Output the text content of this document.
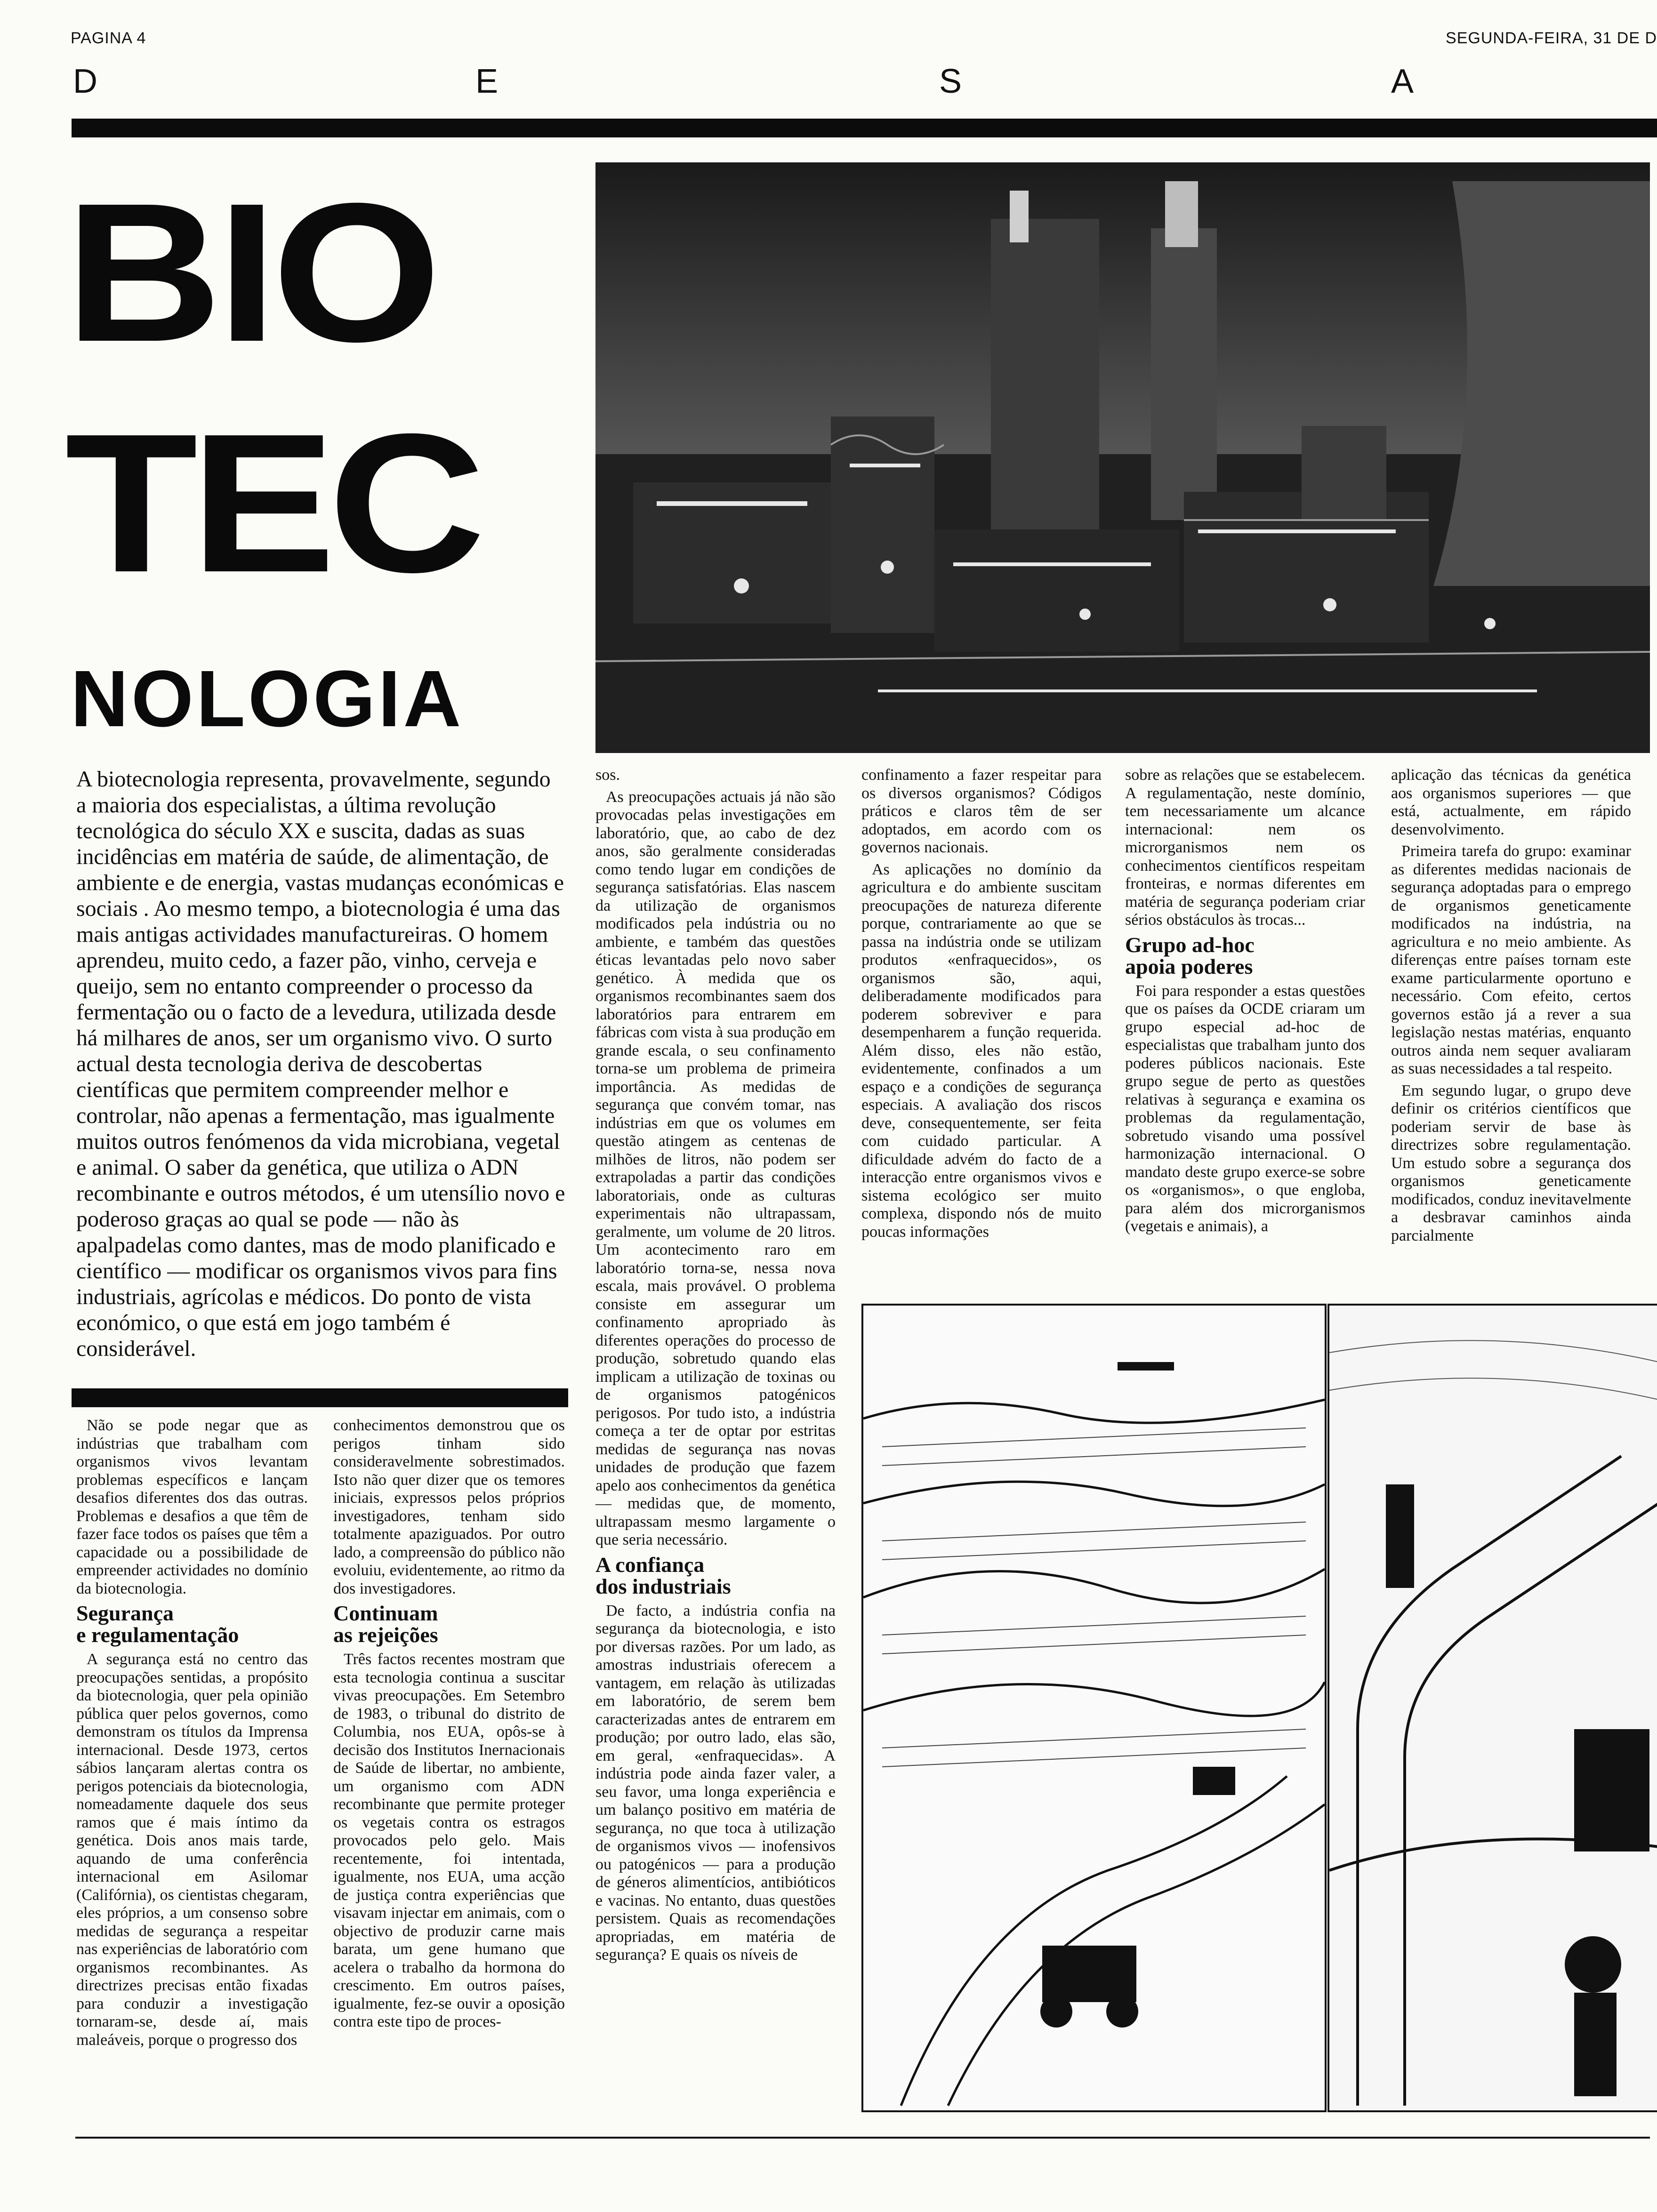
PAGINA 4	SEGUNDA-FEIRA, 31 DE D
D	E	S	A
BIO
TEC
NOLOGIA
A biotecnologia representa, provavelmente, segundo a maioria dos especialistas, a última revolução tecnológica do século XX e suscita, dadas as suas incidências em matéria de saúde, de alimentação, de ambiente e de energia, vastas mudanças económicas e sociais . Ao mesmo tempo, a biotecnologia é uma das mais antigas actividades manufactureiras. O homem aprendeu, muito cedo, a fazer pão, vinho, cerveja e queijo, sem no entanto compreender o processo da fermentação ou o facto de a levedura, utilizada desde há milhares de anos, ser um organismo vivo. O surto actual desta tecnologia deriva de descobertas científicas que permitem compreender melhor e controlar, não apenas a fermentação, mas igualmente muitos outros fenómenos da vida microbiana, vegetal e animal. O saber da genética, que utiliza o ADN recombinante e outros métodos, é um utensílio novo e poderoso graças ao qual se pode — não às apalpadelas como dantes, mas de modo planificado e científico — modificar os organismos vivos para fins industriais, agrícolas e médicos. Do ponto de vista económico, o que está em jogo também é considerável.

Não se pode negar que as indústrias que trabalham com organismos vivos levantam problemas específicos e lançam desafios diferentes dos das outras. Problemas e desafios a que têm de fazer face todos os países que têm a capacidade ou a possibilidade de empreender actividades no domínio da biotecnologia.

Segurança
e regulamentação

A segurança está no centro das preocupações sentidas, a propósito da biotecnologia, quer pela opinião pública quer pelos governos, como demonstram os títulos da Imprensa internacional. Desde 1973, certos sábios lançaram alertas contra os perigos potenciais da biotecnologia, nomeadamente daquele dos seus ramos que é mais íntimo da genética. Dois anos mais tarde, aquando de uma conferência internacional em Asilomar (Califórnia), os cientistas chegaram, eles próprios, a um consenso sobre medidas de segurança a respeitar nas experiências de laboratório com organismos recombinantes. As directrizes precisas então fixadas para conduzir a investigação tornaram-se, desde aí, mais maleáveis, porque o progresso dos

conhecimentos demonstrou que os perigos tinham sido consideravelmente sobrestimados. Isto não quer dizer que os temores iniciais, expressos pelos próprios investigadores, tenham sido totalmente apaziguados. Por outro lado, a compreensão do público não evoluiu, evidentemente, ao ritmo da dos investigadores.

Continuam
as rejeições

Três factos recentes mostram que esta tecnologia continua a suscitar vivas preocupações. Em Setembro de 1983, o tribunal do distrito de Columbia, nos EUA, opôs-se à decisão dos Institutos Inernacionais de Saúde de libertar, no ambiente, um organismo com ADN recombinante que permite proteger os vegetais contra os estragos provocados pelo gelo. Mais recentemente, foi intentada, igualmente, nos EUA, uma acção de justiça contra experiências que visavam injectar em animais, com o objectivo de produzir carne mais barata, um gene humano que acelera o trabalho da hormona do crescimento. Em outros países, igualmente, fez-se ouvir a oposição contra este tipo de proces-

sos.

As preocupações actuais já não são provocadas pelas investigações em laboratório, que, ao cabo de dez anos, são geralmente consideradas como tendo lugar em condições de segurança satisfatórias. Elas nascem da utilização de organismos modificados pela indústria ou no ambiente, e também das questões éticas levantadas pelo novo saber genético. À medida que os organismos recombinantes saem dos laboratórios para entrarem em fábricas com vista à sua produção em grande escala, o seu confinamento torna-se um problema de primeira importância. As medidas de segurança que convém tomar, nas indústrias em que os volumes em questão atingem as centenas de milhões de litros, não podem ser extrapoladas a partir das condições laboratoriais, onde as culturas experimentais não ultrapassam, geralmente, um volume de 20 litros. Um acontecimento raro em laboratório torna-se, nessa nova escala, mais provável. O problema consiste em assegurar um confinamento apropriado às diferentes operações do processo de produção, sobretudo quando elas implicam a utilização de toxinas ou de organismos patogénicos perigosos. Por tudo isto, a indústria começa a ter de optar por estritas medidas de segurança nas novas unidades de produção que fazem apelo aos conhecimentos da genética — medidas que, de momento, ultrapassam mesmo largamente o que seria necessário.

A confiança
dos industriais

De facto, a indústria confia na segurança da biotecnologia, e isto por diversas razões. Por um lado, as amostras industriais oferecem a vantagem, em relação às utilizadas em laboratório, de serem bem caracterizadas antes de entrarem em produção; por outro lado, elas são, em geral, «enfraquecidas». A indústria pode ainda fazer valer, a seu favor, uma longa experiência e um balanço positivo em matéria de segurança, no que toca à utilização de organismos vivos — inofensivos ou patogénicos — para a produção de géneros alimentícios, antibióticos e vacinas. No entanto, duas questões persistem. Quais as recomendações apropriadas, em matéria de segurança? E quais os níveis de

confinamento a fazer respeitar para os diversos organismos? Códigos práticos e claros têm de ser adoptados, em acordo com os governos nacionais.

As aplicações no domínio da agricultura e do ambiente suscitam preocupações de natureza diferente porque, contrariamente ao que se passa na indústria onde se utilizam produtos «enfraquecidos», os organismos são, aqui, deliberadamente modificados para poderem sobreviver e para desempenharem a função requerida. Além disso, eles não estão, evidentemente, confinados a um espaço e a condições de segurança especiais. A avaliação dos riscos deve, consequentemente, ser feita com cuidado particular. A dificuldade advém do facto de a interacção entre organismos vivos e sistema ecológico ser muito complexa, dispondo nós de muito poucas informações

sobre as relações que se estabelecem. A regulamentação, neste domínio, tem necessariamente um alcance internacional: nem os microrganismos nem os conhecimentos científicos respeitam fronteiras, e normas diferentes em matéria de segurança poderiam criar sérios obstáculos às trocas...

Grupo ad-hoc
apoia poderes

Foi para responder a estas questões que os países da OCDE criaram um grupo especial ad-hoc de especialistas que trabalham junto dos poderes públicos nacionais. Este grupo segue de perto as questões relativas à segurança e examina os problemas da regulamentação, sobretudo visando uma possível harmonização internacional. O mandato deste grupo exerce-se sobre os «organismos», o que engloba, para além dos microrganismos (vegetais e animais), a

aplicação das técnicas da genética aos organismos superiores — que está, actualmente, em rápido desenvolvimento.

Primeira tarefa do grupo: examinar as diferentes medidas nacionais de segurança adoptadas para o emprego de organismos geneticamente modificados na indústria, na agricultura e no meio ambiente. As diferenças entre países tornam este exame particularmente oportuno e necessário. Com efeito, certos governos estão já a rever a sua legislação nestas matérias, enquanto outros ainda nem sequer avaliaram as suas necessidades a tal respeito.

Em segundo lugar, o grupo deve definir os critérios científicos que poderiam servir de base às directrizes sobre regulamentação. Um estudo sobre a segurança dos organismos geneticamente modificados, conduz inevitavelmente a desbravar caminhos ainda parcialmente
